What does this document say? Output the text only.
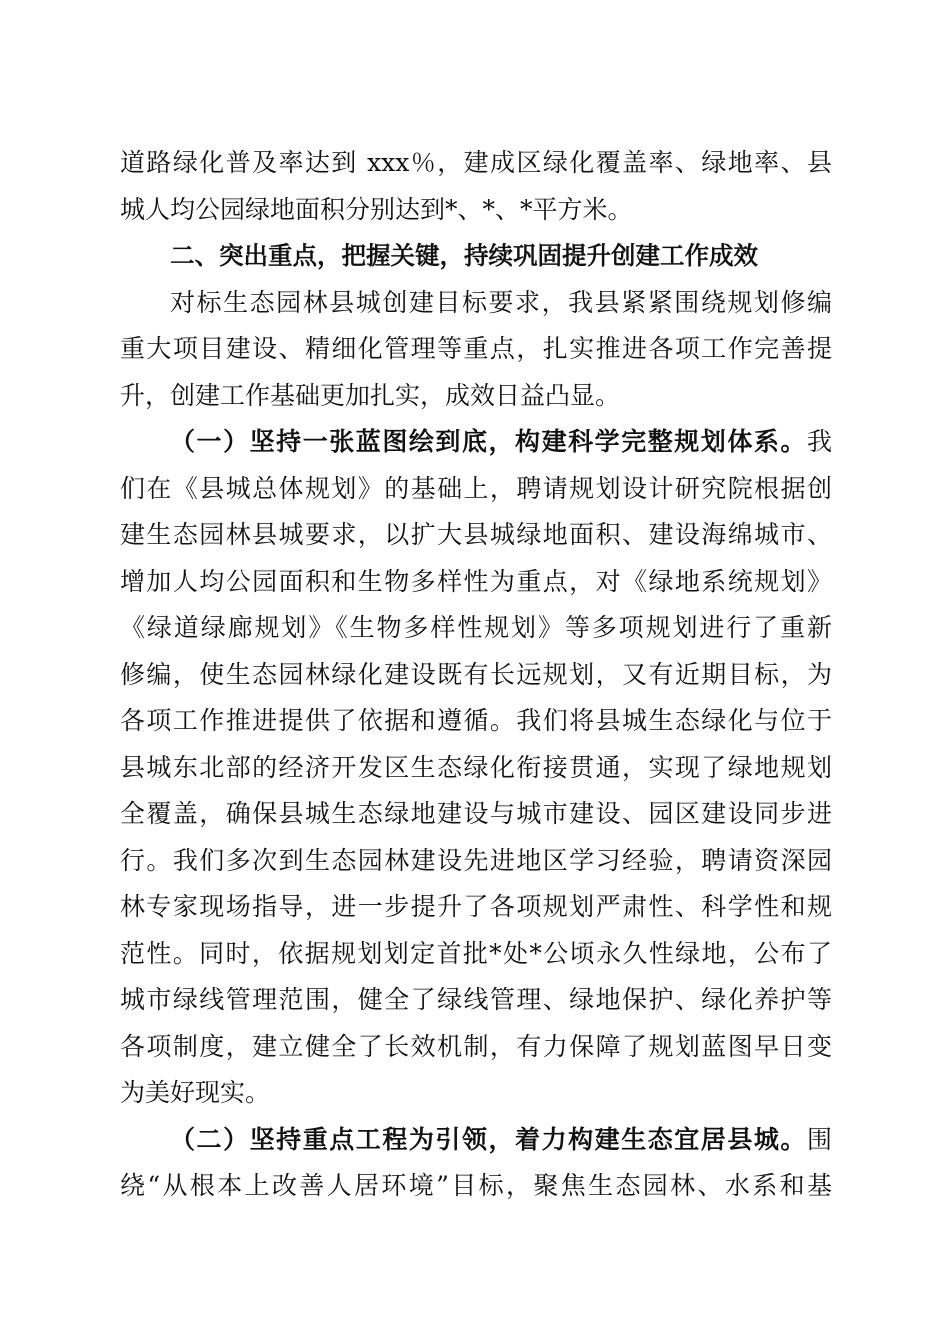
道路绿化普及率达到 xxx％，建成区绿化覆盖率、绿地率、县
城人均公园绿地面积分别达到*、*、*平方米。
二、突出重点，把握关键，持续巩固提升创建工作成效
对标生态园林县城创建目标要求，我县紧紧围绕规划修编
重大项目建设、精细化管理等重点，扎实推进各项工作完善提
升，创建工作基础更加扎实，成效日益凸显。
（一）坚持一张蓝图绘到底，构建科学完整规划体系。我
们在《县城总体规划》的基础上，聘请规划设计研究院根据创
建生态园林县城要求，以扩大县城绿地面积、建设海绵城市、
增加人均公园面积和生物多样性为重点，对《绿地系统规划》
《绿道绿廊规划》《生物多样性规划》等多项规划进行了重新
修编，使生态园林绿化建设既有长远规划，又有近期目标，为
各项工作推进提供了依据和遵循。我们将县城生态绿化与位于
县城东北部的经济开发区生态绿化衔接贯通，实现了绿地规划
全覆盖，确保县城生态绿地建设与城市建设、园区建设同步进
行。我们多次到生态园林建设先进地区学习经验，聘请资深园
林专家现场指导，进一步提升了各项规划严肃性、科学性和规
范性。同时，依据规划划定首批*处*公顷永久性绿地，公布了
城市绿线管理范围，健全了绿线管理、绿地保护、绿化养护等
各项制度，建立健全了长效机制，有力保障了规划蓝图早日变
为美好现实。
（二）坚持重点工程为引领，着力构建生态宜居县城。围
绕“从根本上改善人居环境”目标，聚焦生态园林、水系和基
